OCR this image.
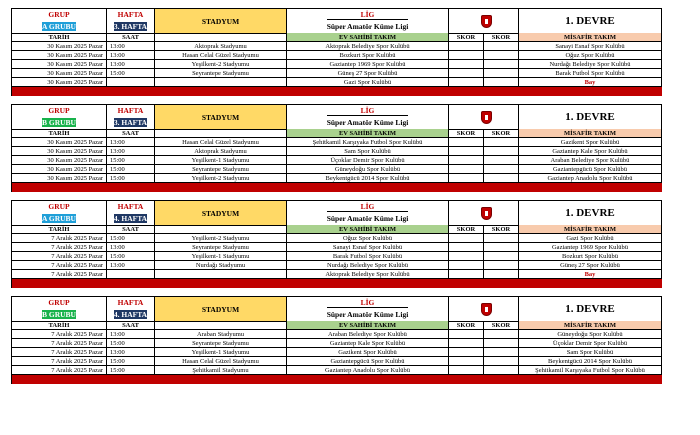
GRUP
A GRUBU
HAFTA
3. HAFTA
STADYUM
LİG
Süper Amatör Küme Ligi	1. DEVRE
TARİH	SAAT	EV SAHİBİ TAKIM	SKOR	SKOR	MİSAFİR TAKIM
30 Kasım 2025 Pazar	13:00	Aktoprak Stadyumu	Aktoprak Belediye Spor Kulübü	Sanayi Esnaf Spor Kulübü
30 Kasım 2025 Pazar	13:00	Hasan Celal Güzel Stadyumu	Bozkurt Spor Kulübü	Oğuz Spor Kulübü
30 Kasım 2025 Pazar	13:00	Yeşilkent-2 Stadyumu	Gaziantep 1969 Spor Kulübü	Nurdağı Belediye Spor Kulübü
30 Kasım 2025 Pazar	15:00	Seyrantepe Stadyumu	Güneş 27 Spor Kulübü	Barak Futbol Spor Kulübü
30 Kasım 2025 Pazar	Gazi Spor Kulübü	Bay
GRUP
B GRUBU
HAFTA
3. HAFTA
STADYUM
LİG
Süper Amatör Küme Ligi	1. DEVRE
TARİH	SAAT	EV SAHİBİ TAKIM	SKOR	SKOR	MİSAFİR TAKIM
30 Kasım 2025 Pazar	13:00	Hasan Celal Güzel Stadyumu	Şehitkamil Karşıyaka Futbol Spor Kulübü	Gazikent Spor Kulübü
30 Kasım 2025 Pazar	13:00	Aktoprak Stadyumu	Sam Spor Kulübü	Gaziantep Kale Spor Kulübü
30 Kasım 2025 Pazar	15:00	Yeşilkent-1 Stadyumu	Üçoklar Demir Spor Kulübü	Araban Belediye Spor Kulübü
30 Kasım 2025 Pazar	15:00	Seyrantepe Stadyumu	Güneydoğu Spor Kulübü	Gaziantepgücü Spor Kulübü
30 Kasım 2025 Pazar	15:00	Yeşilkent-2 Stadyumu	Beykentgücü 2014 Spor Kulübü	Gaziantep Anadolu Spor Kulübü
GRUP
A GRUBU
HAFTA
4. HAFTA
STADYUM
LİG
Süper Amatör Küme Ligi	1. DEVRE
TARİH	SAAT	EV SAHİBİ TAKIM	SKOR	SKOR	MİSAFİR TAKIM
7 Aralık 2025 Pazar	15:00	Yeşilkent-2 Stadyumu	Oğuz Spor Kulübü	Gazi Spor Kulübü
7 Aralık 2025 Pazar	13:00	Seyrantepe Stadyumu	Sanayi Esnaf Spor Kulübü	Gaziantep 1969 Spor Kulübü
7 Aralık 2025 Pazar	15:00	Yeşilkent-1 Stadyumu	Barak Futbol Spor Kulübü	Bozkurt Spor Kulübü
7 Aralık 2025 Pazar	13:00	Nurdağı Stadyumu	Nurdağı Belediye Spor Kulübü	Güneş 27 Spor Kulübü
7 Aralık 2025 Pazar	Aktoprak Belediye Spor Kulübü	Bay
GRUP
B GRUBU
HAFTA
4. HAFTA
STADYUM
LİG
Süper Amatör Küme Ligi	1. DEVRE
TARİH	SAAT	EV SAHİBİ TAKIM	SKOR	SKOR	MİSAFİR TAKIM
7 Aralık 2025 Pazar	13:00	Araban Stadyumu	Araban Belediye Spor Kulübü	Güneydoğu Spor Kulübü
7 Aralık 2025 Pazar	15:00	Seyrantepe Stadyumu	Gaziantep Kale Spor Kulübü	Üçoklar Demir Spor Kulübü
7 Aralık 2025 Pazar	13:00	Yeşilkent-1 Stadyumu	Gazikent Spor Kulübü	Sam Spor Kulübü
7 Aralık 2025 Pazar	15:00	Hasan Celal Güzel Stadyumu	Gaziantepgücü Spor Kulübü	Beykentgücü 2014 Spor Kulübü
7 Aralık 2025 Pazar	15:00	Şehitkamil Stadyumu	Gaziantep Anadolu Spor Kulübü	Şehitkamil Karşıyaka Futbol Spor Kulübü
